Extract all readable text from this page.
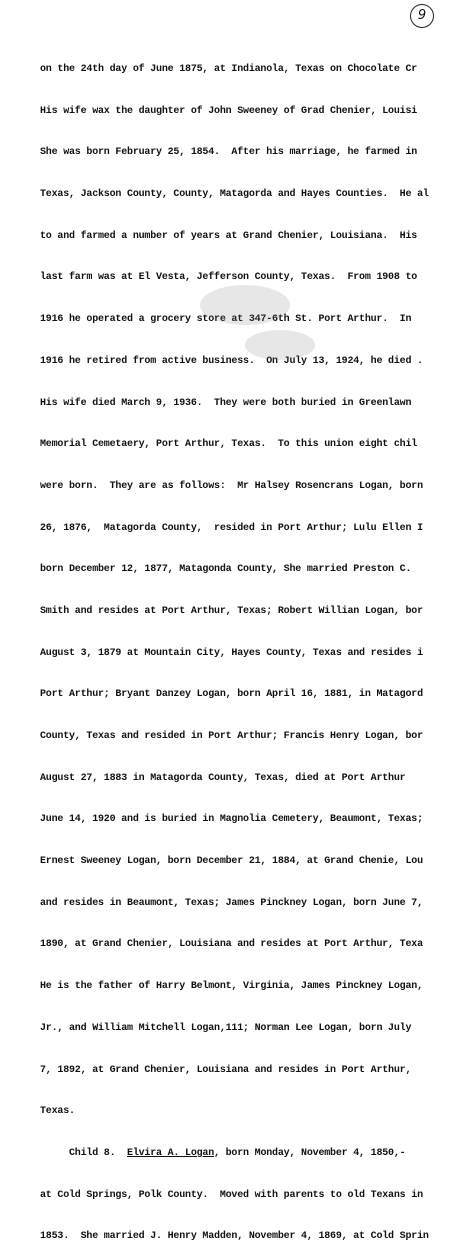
9

on the 24th day of June 1875, at Indianola, Texas on Chocolate Cr

His wife wax the daughter of John Sweeney of Grad Chenier, Louisi

She was born February 25, 1854.  After his marriage, he farmed in

Texas, Jackson County, County, Matagorda and Hayes Counties.  He al

to and farmed a number of years at Grand Chenier, Louisiana.  His

last farm was at El Vesta, Jefferson County, Texas.  From 1908 to

1916 he operated a grocery store at 347-6th St. Port Arthur.  In

1916 he retired from active business.  On July 13, 1924, he died .

His wife died March 9, 1936.  They were both buried in Greenlawn

Memorial Cemetaery, Port Arthur, Texas.  To this union eight chil

were born.  They are as follows:  Mr Halsey Rosencrans Logan, born

26, 1876,  Matagorda County,  resided in Port Arthur; Lulu Ellen I

born December 12, 1877, Matagonda County, She married Preston C.

Smith and resides at Port Arthur, Texas; Robert Willian Logan, bor

August 3, 1879 at Mountain City, Hayes County, Texas and resides i

Port Arthur; Bryant Danzey Logan, born April 16, 1881, in Matagord

County, Texas and resided in Port Arthur; Francis Henry Logan, bor

August 27, 1883 in Matagorda County, Texas, died at Port Arthur

June 14, 1920 and is buried in Magnolia Cemetery, Beaumont, Texas;

Ernest Sweeney Logan, born December 21, 1884, at Grand Chenie, Lou

and resides in Beaumont, Texas; James Pinckney Logan, born June 7,

1890, at Grand Chenier, Louisiana and resides at Port Arthur, Texa

He is the father of Harry Belmont, Virginia, James Pinckney Logan,

Jr., and William Mitchell Logan,111; Norman Lee Logan, born July

7, 1892, at Grand Chenier, Louisiana and resides in Port Arthur,

Texas.

Child 8.  Elvira A. Logan, born Monday, November 4, 1850,-

at Cold Springs, Polk County.  Moved with parents to old Texans in

1853.  She married J. Henry Madden, November 4, 1869, at Cold Sprin
